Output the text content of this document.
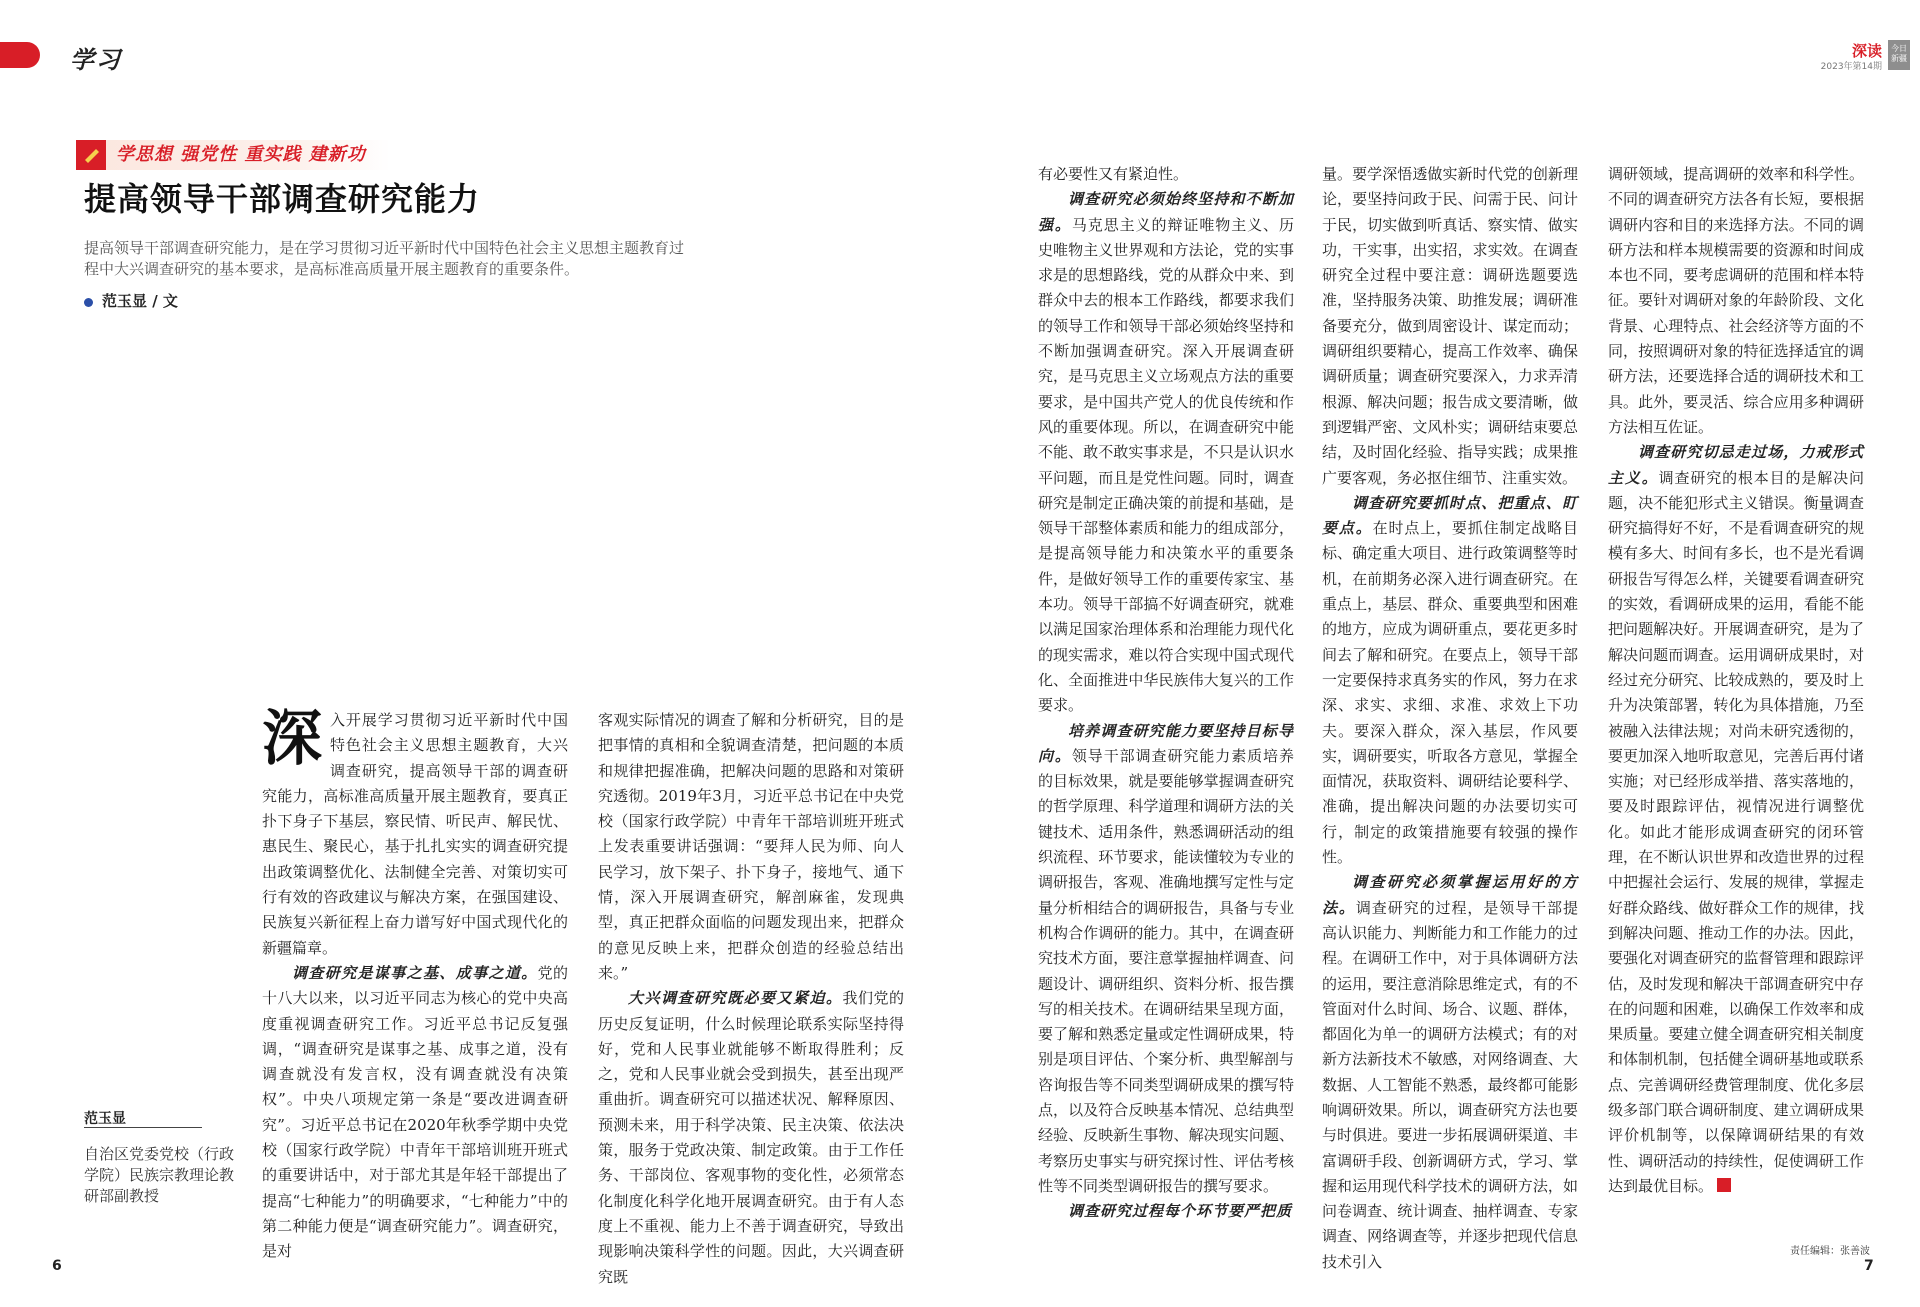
学习	深读
2023年第14期
今日新疆
学思想 强党性 重实践 建新功
提高领导干部调查研究能力
提高领导干部调查研究能力，是在学习贯彻习近平新时代中国特色社会主义思想主题教育过程中大兴调查研究的基本要求，是高标准高质量开展主题教育的重要条件。
范玉显 / 文
范玉显
自治区党委党校（行政学院）民族宗教理论教研部副教授

深入开展学习贯彻习近平新时代中国特色社会主义思想主题教育，大兴调查研究，提高领导干部的调查研究能力，高标准高质量开展主题教育，要真正扑下身子下基层，察民情、听民声、解民忧、惠民生、聚民心，基于扎扎实实的调查研究提出政策调整优化、法制健全完善、对策切实可行有效的咨政建议与解决方案，在强国建设、民族复兴新征程上奋力谱写好中国式现代化的新疆篇章。

调查研究是谋事之基、成事之道。党的十八大以来，以习近平同志为核心的党中央高度重视调查研究工作。习近平总书记反复强调，“调查研究是谋事之基、成事之道，没有调查就没有发言权，没有调查就没有决策权”。中央八项规定第一条是“要改进调查研究”。习近平总书记在2020年秋季学期中央党校（国家行政学院）中青年干部培训班开班式的重要讲话中，对于部尤其是年轻干部提出了提高“七种能力”的明确要求，“七种能力”中的第二种能力便是“调查研究能力”。调查研究，是对

客观实际情况的调查了解和分析研究，目的是把事情的真相和全貌调查清楚，把问题的本质和规律把握准确，把解决问题的思路和对策研究透彻。2019年3月，习近平总书记在中央党校（国家行政学院）中青年干部培训班开班式上发表重要讲话强调：“要拜人民为师、向人民学习，放下架子、扑下身子，接地气、通下情，深入开展调查研究，解剖麻雀，发现典型，真正把群众面临的问题发现出来，把群众的意见反映上来，把群众创造的经验总结出来。”

大兴调查研究既必要又紧迫。我们党的历史反复证明，什么时候理论联系实际坚持得好，党和人民事业就能够不断取得胜利；反之，党和人民事业就会受到损失，甚至出现严重曲折。调查研究可以描述状况、解释原因、预测未来，用于科学决策、民主决策、依法决策，服务于党政决策、制定政策。由于工作任务、干部岗位、客观事物的变化性，必须常态化制度化科学化地开展调查研究。由于有人态度上不重视、能力上不善于调查研究，导致出现影响决策科学性的问题。因此，大兴调查研究既

有必要性又有紧迫性。

调查研究必须始终坚持和不断加强。马克思主义的辩证唯物主义、历史唯物主义世界观和方法论，党的实事求是的思想路线，党的从群众中来、到群众中去的根本工作路线，都要求我们的领导工作和领导干部必须始终坚持和不断加强调查研究。深入开展调查研究，是马克思主义立场观点方法的重要要求，是中国共产党人的优良传统和作风的重要体现。所以，在调查研究中能不能、敢不敢实事求是，不只是认识水平问题，而且是党性问题。同时，调查研究是制定正确决策的前提和基础，是领导干部整体素质和能力的组成部分，是提高领导能力和决策水平的重要条件，是做好领导工作的重要传家宝、基本功。领导干部搞不好调查研究，就难以满足国家治理体系和治理能力现代化的现实需求，难以符合实现中国式现代化、全面推进中华民族伟大复兴的工作要求。

培养调查研究能力要坚持目标导向。领导干部调查研究能力素质培养的目标效果，就是要能够掌握调查研究的哲学原理、科学道理和调研方法的关键技术、适用条件，熟悉调研活动的组织流程、环节要求，能读懂较为专业的调研报告，客观、准确地撰写定性与定量分析相结合的调研报告，具备与专业机构合作调研的能力。其中，在调查研究技术方面，要注意掌握抽样调查、问题设计、调研组织、资料分析、报告撰写的相关技术。在调研结果呈现方面，要了解和熟悉定量或定性调研成果，特别是项目评估、个案分析、典型解剖与咨询报告等不同类型调研成果的撰写特点，以及符合反映基本情况、总结典型经验、反映新生事物、解决现实问题、考察历史事实与研究探讨性、评估考核性等不同类型调研报告的撰写要求。

调查研究过程每个环节要严把质

量。要学深悟透做实新时代党的创新理论，要坚持问政于民、问需于民、问计于民，切实做到听真话、察实情、做实功，干实事，出实招，求实效。在调查研究全过程中要注意：调研选题要选准，坚持服务决策、助推发展；调研准备要充分，做到周密设计、谋定而动；调研组织要精心，提高工作效率、确保调研质量；调查研究要深入，力求弄清根源、解决问题；报告成文要清晰，做到逻辑严密、文风朴实；调研结束要总结，及时固化经验、指导实践；成果推广要客观，务必抠住细节、注重实效。

调查研究要抓时点、把重点、盯要点。在时点上，要抓住制定战略目标、确定重大项目、进行政策调整等时机，在前期务必深入进行调查研究。在重点上，基层、群众、重要典型和困难的地方，应成为调研重点，要花更多时间去了解和研究。在要点上，领导干部一定要保持求真务实的作风，努力在求深、求实、求细、求准、求效上下功夫。要深入群众，深入基层，作风要实，调研要实，听取各方意见，掌握全面情况，获取资料、调研结论要科学、准确，提出解决问题的办法要切实可行，制定的政策措施要有较强的操作性。

调查研究必须掌握运用好的方法。调查研究的过程，是领导干部提高认识能力、判断能力和工作能力的过程。在调研工作中，对于具体调研方法的运用，要注意消除思维定式，有的不管面对什么时间、场合、议题、群体，都固化为单一的调研方法模式；有的对新方法新技术不敏感，对网络调查、大数据、人工智能不熟悉，最终都可能影响调研效果。所以，调查研究方法也要与时俱进。要进一步拓展调研渠道、丰富调研手段、创新调研方式，学习、掌握和运用现代科学技术的调研方法，如问卷调查、统计调查、抽样调查、专家调查、网络调查等，并逐步把现代信息技术引入

调研领域，提高调研的效率和科学性。不同的调查研究方法各有长短，要根据调研内容和目的来选择方法。不同的调研方法和样本规模需要的资源和时间成本也不同，要考虑调研的范围和样本特征。要针对调研对象的年龄阶段、文化背景、心理特点、社会经济等方面的不同，按照调研对象的特征选择适宜的调研方法，还要选择合适的调研技术和工具。此外，要灵活、综合应用多种调研方法相互佐证。

调查研究切忌走过场，力戒形式主义。调查研究的根本目的是解决问题，决不能犯形式主义错误。衡量调查研究搞得好不好，不是看调查研究的规模有多大、时间有多长，也不是光看调研报告写得怎么样，关键要看调查研究的实效，看调研成果的运用，看能不能把问题解决好。开展调查研究，是为了解决问题而调查。运用调研成果时，对经过充分研究、比较成熟的，要及时上升为决策部署，转化为具体措施，乃至被融入法律法规；对尚未研究透彻的，要更加深入地听取意见，完善后再付诸实施；对已经形成举措、落实落地的，要及时跟踪评估，视情况进行调整优化。如此才能形成调查研究的闭环管理，在不断认识世界和改造世界的过程中把握社会运行、发展的规律，掌握走好群众路线、做好群众工作的规律，找到解决问题、推动工作的办法。因此，要强化对调查研究的监督管理和跟踪评估，及时发现和解决干部调查研究中存在的问题和困难，以确保工作效率和成果质量。要建立健全调查研究相关制度和体制机制，包括健全调研基地或联系点、完善调研经费管理制度、优化多层级多部门联合调研制度、建立调研成果评价机制等，以保障调研结果的有效性、调研活动的持续性，促使调研工作达到最优目标。

6
责任编辑：张善波
7
